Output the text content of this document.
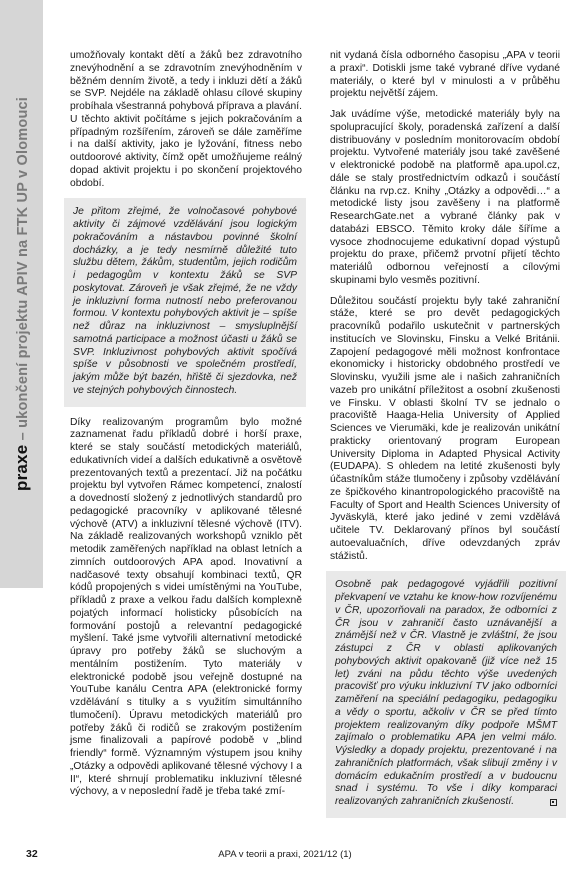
praxe – ukončení projektu APIV na FTK UP v Olomouci

umožňovaly kontakt dětí a žáků bez zdravotního znevýhodnění a se zdravotním znevýhodněním v běžném denním životě, a tedy i inkluzi dětí a žáků se SVP. Nejdéle na základě ohlasu cílové skupiny probíhala všestranná pohybová příprava a plavání. U těchto aktivit počítáme s jejich pokračováním a případným rozšířením, zároveň se dále zaměříme i na další aktivity, jako je lyžování, fitness nebo outdoorové aktivity, čímž opět umožňujeme reálný dopad aktivit projektu i po skončení projektového období.

Je přitom zřejmé, že volnočasové pohybové aktivity či zájmové vzdělávání jsou logickým pokračováním a nástavbou povinné školní docházky, a je tedy nesmírně důležité tuto službu dětem, žákům, studentům, jejich rodičům i pedagogům v kontextu žáků se SVP poskytovat. Zároveň je však zřejmé, že ne vždy je inkluzivní forma nutností nebo preferovanou formou. V kontextu pohybových aktivit je – spíše než důraz na inkluzivnost – smysluplnější samotná participace a možnost účasti u žáků se SVP. Inkluzivnost pohybových aktivit spočívá spíše v působnosti ve společném prostředí, jakým může být bazén, hřiště či sjezdovka, než ve stejných pohybových činnostech.

Díky realizovaným programům bylo možné zaznamenat řadu příkladů dobré i horší praxe, které se staly součástí metodických materiálů, edukativních videí a dalších edukativně a osvětově prezentovaných textů a prezentací. Již na počátku projektu byl vytvořen Rámec kompetencí, znalostí a dovedností složený z jednotlivých standardů pro pedagogické pracovníky v aplikované tělesné výchově (ATV) a inkluzivní tělesné výchově (ITV). Na základě realizovaných workshopů vzniklo pět metodik zaměřených například na oblast letních a zimních outdoorových APA apod. Inovativní a nadčasové texty obsahují kombinaci textů, QR kódů propojených s videi umístěnými na YouTube, příkladů z praxe a velkou řadu dalších komplexně pojatých informací holisticky působících na formování postojů a relevantní pedagogické myšlení. Také jsme vytvořili alternativní metodické úpravy pro potřeby žáků se sluchovým a mentálním postižením. Tyto materiály v elektronické podobě jsou veřejně dostupné na YouTube kanálu Centra APA (elektronické formy vzdělávání s titulky a s využitím simultánního tlumočení). Úpravu metodických materiálů pro potřeby žáků či rodičů se zrakovým postižením jsme finalizovali a papírové podobě v „blind friendly“ formě. Významným výstupem jsou knihy „Otázky a odpovědi aplikované tělesné výchovy I a II“, které shrnují problematiku inkluzivní tělesné výchovy, a v neposlední řadě je třeba také zmí-

nit vydaná čísla odborného časopisu „APA v teorii a praxi“. Dotiskli jsme také vybrané dříve vydané materiály, o které byl v minulosti a v průběhu projektu největší zájem.

Jak uvádíme výše, metodické materiály byly na spolupracující školy, poradenská zařízení a další distribuovány v posledním monitorovacím období projektu. Vytvořené materiály jsou také zavěšené v elektronické podobě na platformě apa.upol.cz, dále se staly prostřednictvím odkazů i součástí článku na rvp.cz. Knihy „Otázky a odpovědi…“ a metodické listy jsou zavěšeny i na platformě ResearchGate.net a vybrané články pak v databázi EBSCO. Těmito kroky dále šíříme a vysoce zhodnocujeme edukativní dopad výstupů projektu do praxe, přičemž prvotní přijetí těchto materiálů odbornou veřejností a cílovými skupinami bylo vesměs pozitivní.

Důležitou součástí projektu byly také zahraniční stáže, které se pro devět pedagogických pracovníků podařilo uskutečnit v partnerských institucích ve Slovinsku, Finsku a Velké Británii. Zapojení pedagogové měli možnost konfrontace ekonomicky i historicky obdobného prostředí ve Slovinsku, využili jsme ale i našich zahraničních vazeb pro unikátní příležitost a osobní zkušenosti ve Finsku. V oblasti školní TV se jednalo o pracoviště Haaga-Helia University of Applied Sciences ve Vierumäki, kde je realizován unikátní prakticky orientovaný program European University Diploma in Adapted Physical Activity (EUDAPA). S ohledem na letité zkušenosti byly účastníkům stáže tlumočeny i způsoby vzdělávání ze špičkového kinantropologického pracoviště na Faculty of Sport and Health Sciences University of Jyväskylä, které jako jediné v zemi vzdělává učitele TV. Deklarovaný přínos byl součástí autoevaluačních, dříve odevzdaných zpráv stážistů.

Osobně pak pedagogové vyjádřili pozitivní překvapení ve vztahu ke know-how rozvíjenému v ČR, upozorňovali na paradox, že odborníci z ČR jsou v zahraničí často uznávanější a známější než v ČR. Vlastně je zvláštní, že jsou zástupci z ČR v oblasti aplikovaných pohybových aktivit opakovaně (již více než 15 let) zváni na půdu těchto výše uvedených pracovišť pro výuku inkluzivní TV jako odborníci zaměření na speciální pedagogiku, pedagogiku a vědy o sportu, ačkoliv v ČR se před tímto projektem realizovaným díky podpoře MŠMT zajímalo o problematiku APA jen velmi málo. Výsledky a dopady projektu, prezentované i na zahraničních platformách, však slibují změny i v domácím edukačním prostředí a v budoucnu snad i systému. To vše i díky komparaci realizovaných zahraničních zkušeností.
32	APA v teorii a praxi, 2021/12 (1)
